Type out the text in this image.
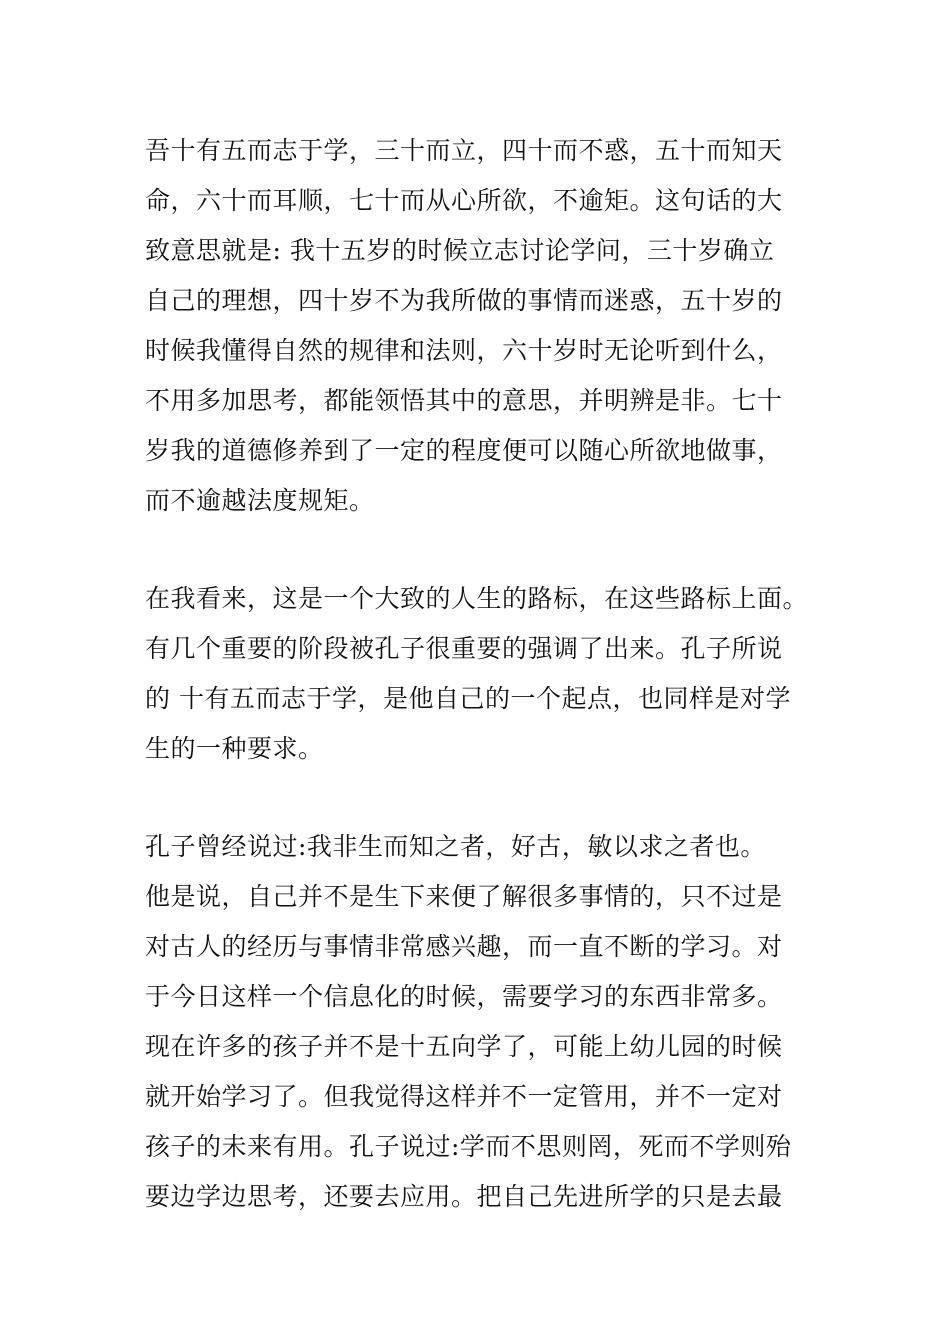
吾十有五而志于学，三十而立，四十而不惑，五十而知天
命，六十而耳顺，七十而从心所欲，不逾矩。这句话的大
致意思就是: 我十五岁的时候立志讨论学问，三十岁确立
自己的理想，四十岁不为我所做的事情而迷惑，五十岁的
时候我懂得自然的规律和法则，六十岁时无论听到什么，
不用多加思考，都能领悟其中的意思，并明辨是非。七十
岁我的道德修养到了一定的程度便可以随心所欲地做事，
而不逾越法度规矩。
在我看来，这是一个大致的人生的路标，在这些路标上面。
有几个重要的阶段被孔子很重要的强调了出来。孔子所说
的 十有五而志于学，是他自己的一个起点，也同样是对学
生的一种要求。
孔子曾经说过:我非生而知之者，好古，敏以求之者也。
他是说，自己并不是生下来便了解很多事情的，只不过是
对古人的经历与事情非常感兴趣，而一直不断的学习。对
于今日这样一个信息化的时候，需要学习的东西非常多。
现在许多的孩子并不是十五向学了，可能上幼儿园的时候
就开始学习了。但我觉得这样并不一定管用，并不一定对
孩子的未来有用。孔子说过:学而不思则罔，死而不学则殆
要边学边思考，还要去应用。把自己先进所学的只是去最
